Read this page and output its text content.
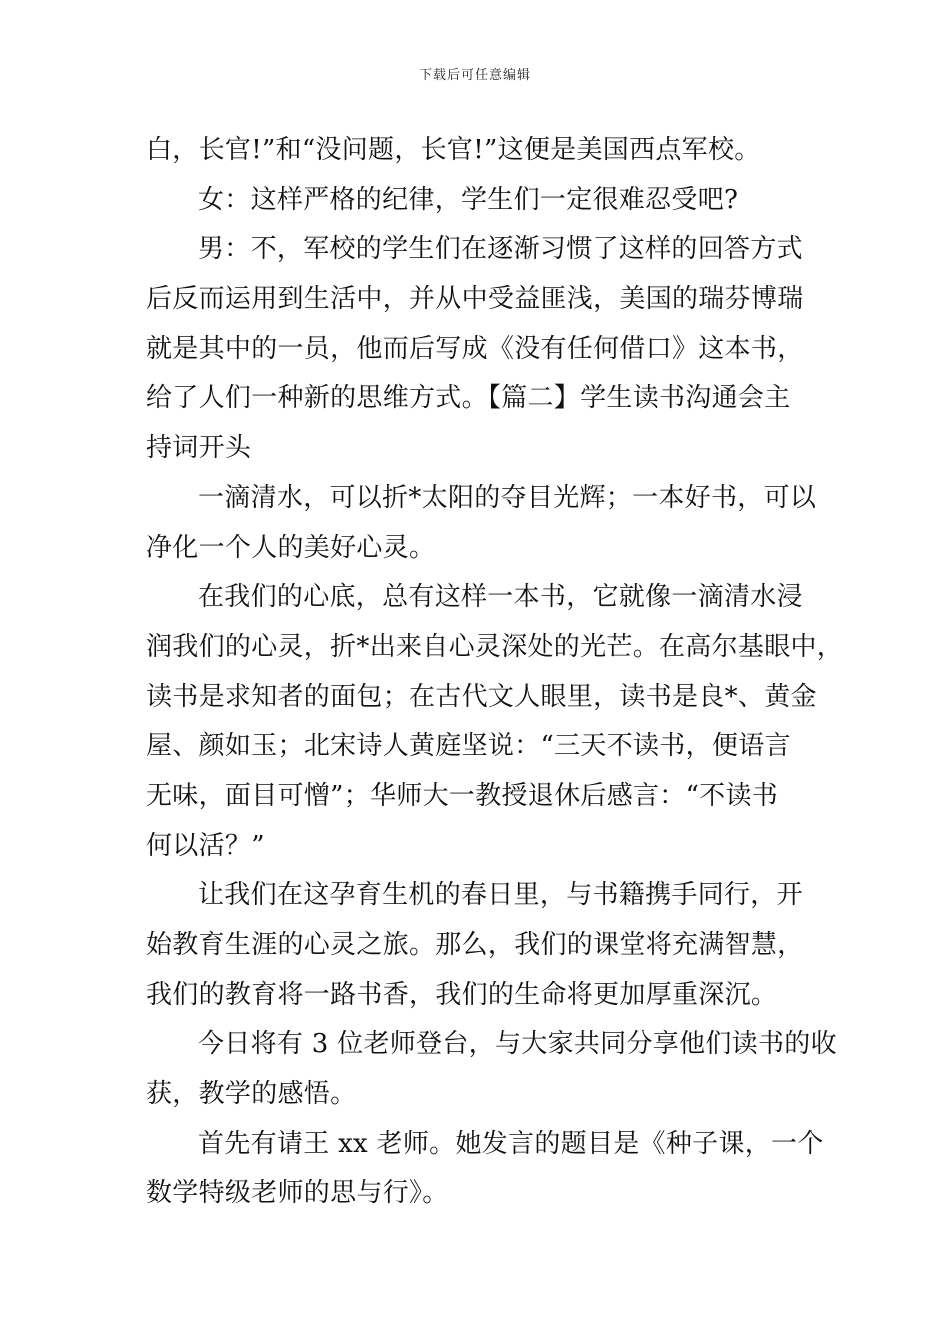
下载后可任意编辑
白，长官!”和“没问题，长官!”这便是美国西点军校。
女：这样严格的纪律，学生们一定很难忍受吧?
男：不，军校的学生们在逐渐习惯了这样的回答方式
后反而运用到生活中，并从中受益匪浅，美国的瑞芬博瑞
就是其中的一员，他而后写成《没有任何借口》这本书，
给了人们一种新的思维方式。【篇二】学生读书沟通会主
持词开头
一滴清水，可以折*太阳的夺目光辉；一本好书，可以
净化一个人的美好心灵。
在我们的心底，总有这样一本书，它就像一滴清水浸
润我们的心灵，折*出来自心灵深处的光芒。在高尔基眼中，
读书是求知者的面包；在古代文人眼里，读书是良*、黄金
屋、颜如玉；北宋诗人黄庭坚说：“三天不读书，便语言
无味，面目可憎”；华师大一教授退休后感言：“不读书
何以活？”
让我们在这孕育生机的春日里，与书籍携手同行，开
始教育生涯的心灵之旅。那么，我们的课堂将充满智慧，
我们的教育将一路书香，我们的生命将更加厚重深沉。
今日将有 3 位老师登台，与大家共同分享他们读书的收
获，教学的感悟。
首先有请王 xx 老师。她发言的题目是《种子课，一个
数学特级老师的思与行》。
